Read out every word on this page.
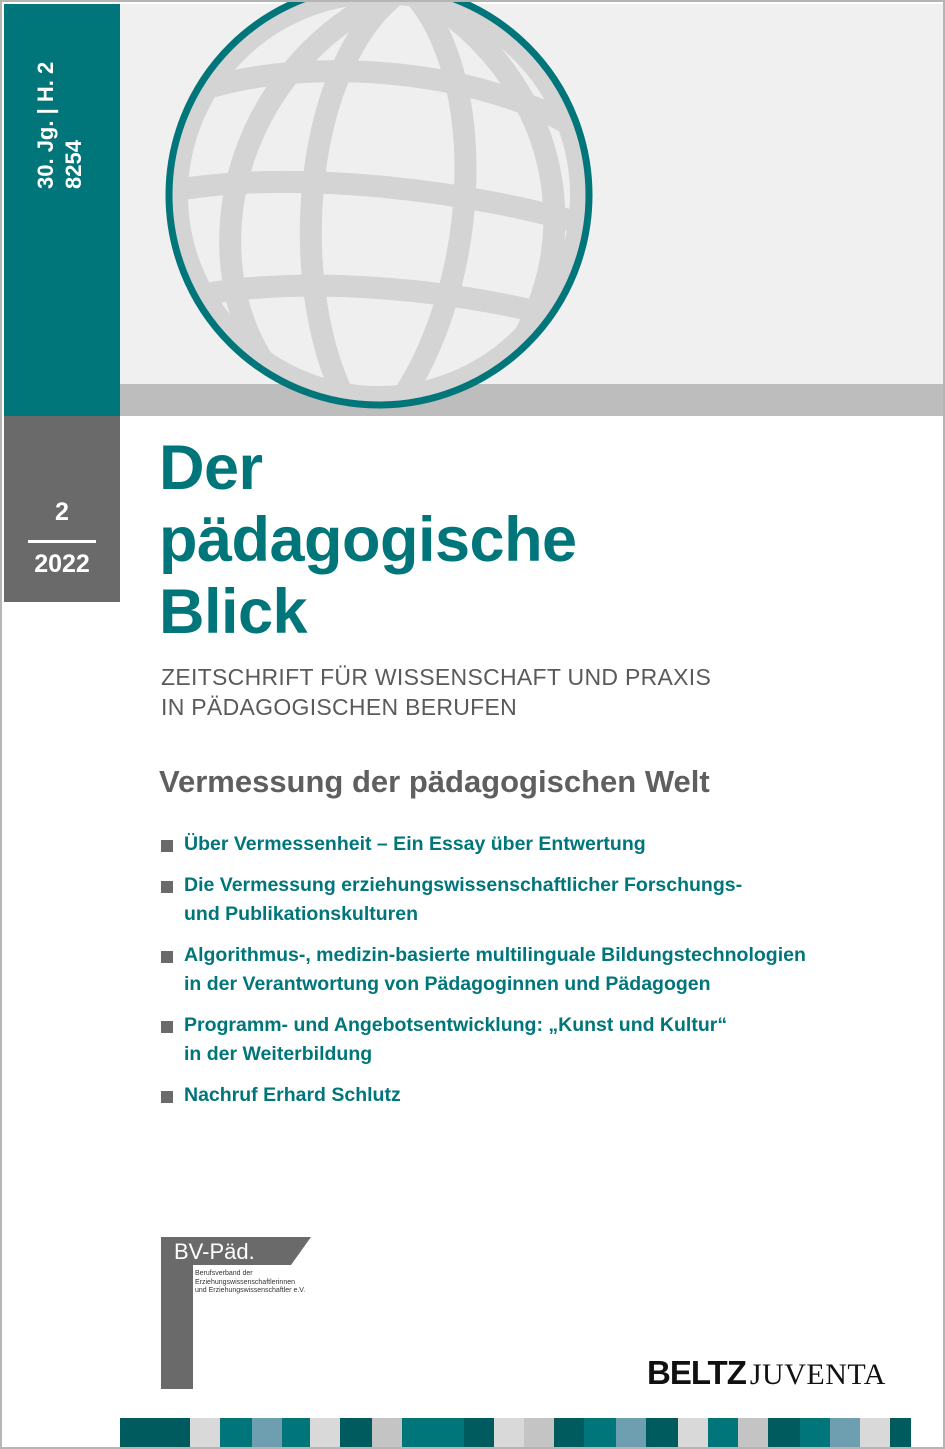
30. Jg. | H. 2 8254
2
2022
Der
pädagogische
Blick
ZEITSCHRIFT FÜR WISSENSCHAFT UND PRAXIS
IN PÄDAGOGISCHEN BERUFEN
Vermessung der pädagogischen Welt
Über Vermessenheit – Ein Essay über Entwertung
Die Vermessung erziehungswissenschaftlicher Forschungs-
und Publikationskulturen
Algorithmus-, medizin-basierte multilinguale Bildungstechnologien
in der Verantwortung von Pädagoginnen und Pädagogen
Programm- und Angebotsentwicklung: „Kunst und Kultur“
in der Weiterbildung
Nachruf Erhard Schlutz
BV-Päd.
Berufsverband der
Erziehungswissenschaftlerinnen
und Erziehungswissenschaftler e.V.
BELTZ JUVENTA
